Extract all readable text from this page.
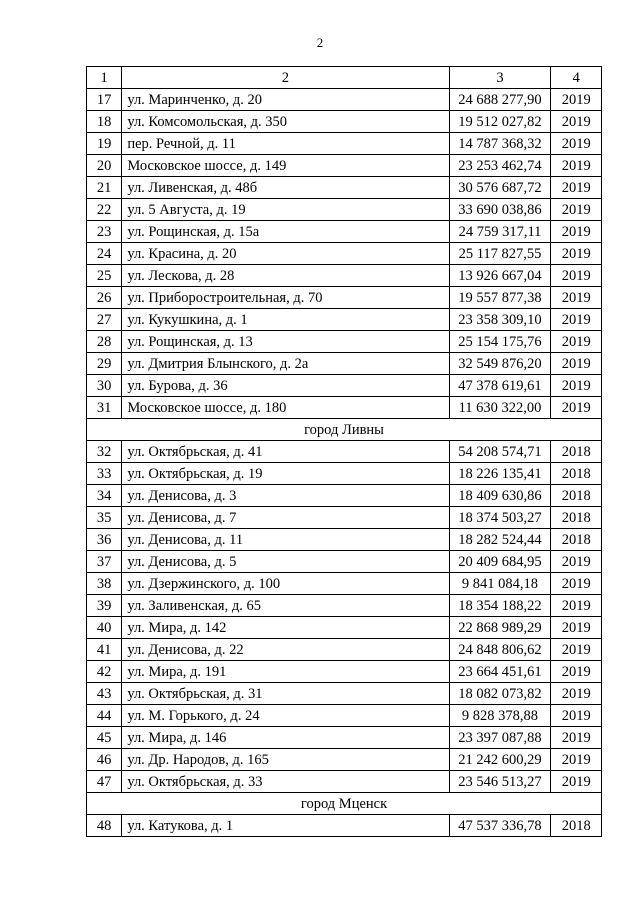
2
1	2	3	4
17	ул. Маринченко, д. 20	24 688 277,90	2019
18	ул. Комсомольская, д. 350	19 512 027,82	2019
19	пер. Речной, д. 11	14 787 368,32	2019
20	Московское шоссе, д. 149	23 253 462,74	2019
21	ул. Ливенская, д. 48б	30 576 687,72	2019
22	ул. 5 Августа, д. 19	33 690 038,86	2019
23	ул. Рощинская, д. 15а	24 759 317,11	2019
24	ул. Красина, д. 20	25 117 827,55	2019
25	ул. Лескова, д. 28	13 926 667,04	2019
26	ул. Приборостроительная, д. 70	19 557 877,38	2019
27	ул. Кукушкина, д. 1	23 358 309,10	2019
28	ул. Рощинская, д. 13	25 154 175,76	2019
29	ул. Дмитрия Блынского, д. 2а	32 549 876,20	2019
30	ул. Бурова, д. 36	47 378 619,61	2019
31	Московское шоссе, д. 180	11 630 322,00	2019
город Ливны			
32	ул. Октябрьская, д. 41	54 208 574,71	2018
33	ул. Октябрьская, д. 19	18 226 135,41	2018
34	ул. Денисова, д. 3	18 409 630,86	2018
35	ул. Денисова, д. 7	18 374 503,27	2018
36	ул. Денисова, д. 11	18 282 524,44	2018
37	ул. Денисова, д. 5	20 409 684,95	2019
38	ул. Дзержинского, д. 100	9 841 084,18	2019
39	ул. Заливенская, д. 65	18 354 188,22	2019
40	ул. Мира, д. 142	22 868 989,29	2019
41	ул. Денисова, д. 22	24 848 806,62	2019
42	ул. Мира, д. 191	23 664 451,61	2019
43	ул. Октябрьская, д. 31	18 082 073,82	2019
44	ул. М. Горького, д. 24	9 828 378,88	2019
45	ул. Мира, д. 146	23 397 087,88	2019
46	ул. Др. Народов, д. 165	21 242 600,29	2019
47	ул. Октябрьская, д. 33	23 546 513,27	2019
город Мценск			
48	ул. Катукова, д. 1	47 537 336,78	2018
